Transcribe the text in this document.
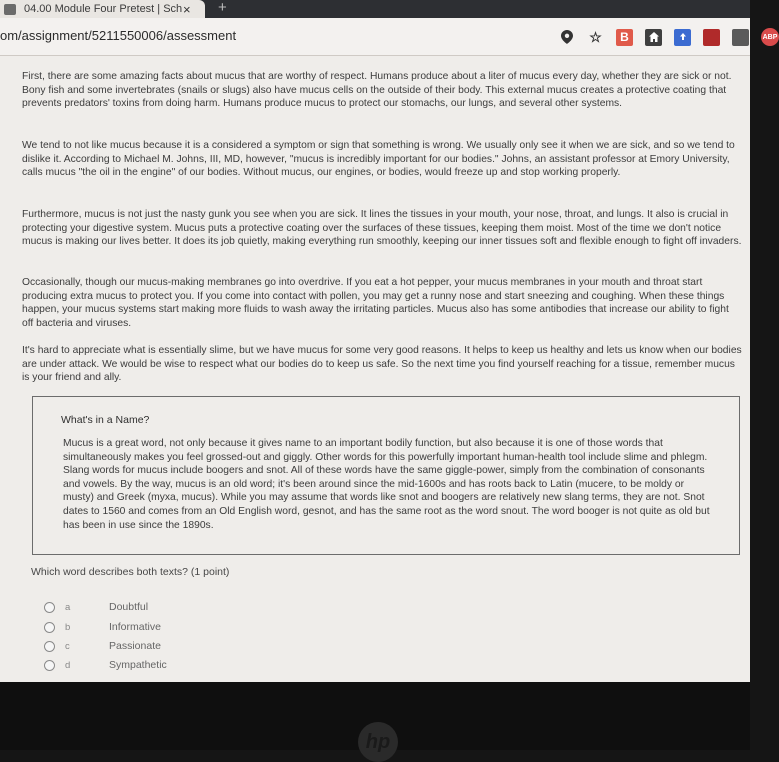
04.00 Module Four Pretest | Sch × +
om/assignment/5211550006/assessment	☆	B	ABP

First, there are some amazing facts about mucus that are worthy of respect. Humans produce about a liter of mucus every day, whether they are sick or not. Bony fish and some invertebrates (snails or slugs) also have mucus cells on the outside of their body. This external mucus creates a protective coating that prevents predators' toxins from doing harm. Humans produce mucus to protect our stomachs, our lungs, and several other systems.

We tend to not like mucus because it is a considered a symptom or sign that something is wrong. We usually only see it when we are sick, and so we tend to dislike it. According to Michael M. Johns, III, MD, however, "mucus is incredibly important for our bodies." Johns, an assistant professor at Emory University, calls mucus "the oil in the engine" of our bodies. Without mucus, our engines, or bodies, would freeze up and stop working properly.

Furthermore, mucus is not just the nasty gunk you see when you are sick. It lines the tissues in your mouth, your nose, throat, and lungs. It also is crucial in protecting your digestive system. Mucus puts a protective coating over the surfaces of these tissues, keeping them moist. Most of the time we don't notice mucus is making our lives better. It does its job quietly, making everything run smoothly, keeping our inner tissues soft and flexible enough to fight off invaders.

Occasionally, though our mucus-making membranes go into overdrive. If you eat a hot pepper, your mucus membranes in your mouth and throat start producing extra mucus to protect you. If you come into contact with pollen, you may get a runny nose and start sneezing and coughing. When these things happen, your mucus systems start making more fluids to wash away the irritating particles. Mucus also has some antibodies that increase our ability to fight off bacteria and viruses.

It's hard to appreciate what is essentially slime, but we have mucus for some very good reasons. It helps to keep us healthy and lets us know when our bodies are under attack. We would be wise to respect what our bodies do to keep us safe. So the next time you find yourself reaching for a tissue, remember mucus is your friend and ally.

What's in a Name?

Mucus is a great word, not only because it gives name to an important bodily function, but also because it is one of those words that simultaneously makes you feel grossed-out and giggly. Other words for this powerfully important human-health tool include slime and phlegm. Slang words for mucus include boogers and snot. All of these words have the same giggle-power, simply from the combination of consonants and vowels. By the way, mucus is an old word; it's been around since the mid-1600s and has roots back to Latin (mucere, to be moldy or musty) and Greek (myxa, mucus). While you may assume that words like snot and boogers are relatively new slang terms, they are not. Snot dates to 1560 and comes from an Old English word, gesnot, and has the same root as the word snout. The word booger is not quite as old but has been in use since the 1890s.

Which word describes both texts? (1 point)
a	Doubtful
b	Informative
c	Passionate
d	Sympathetic
hp
